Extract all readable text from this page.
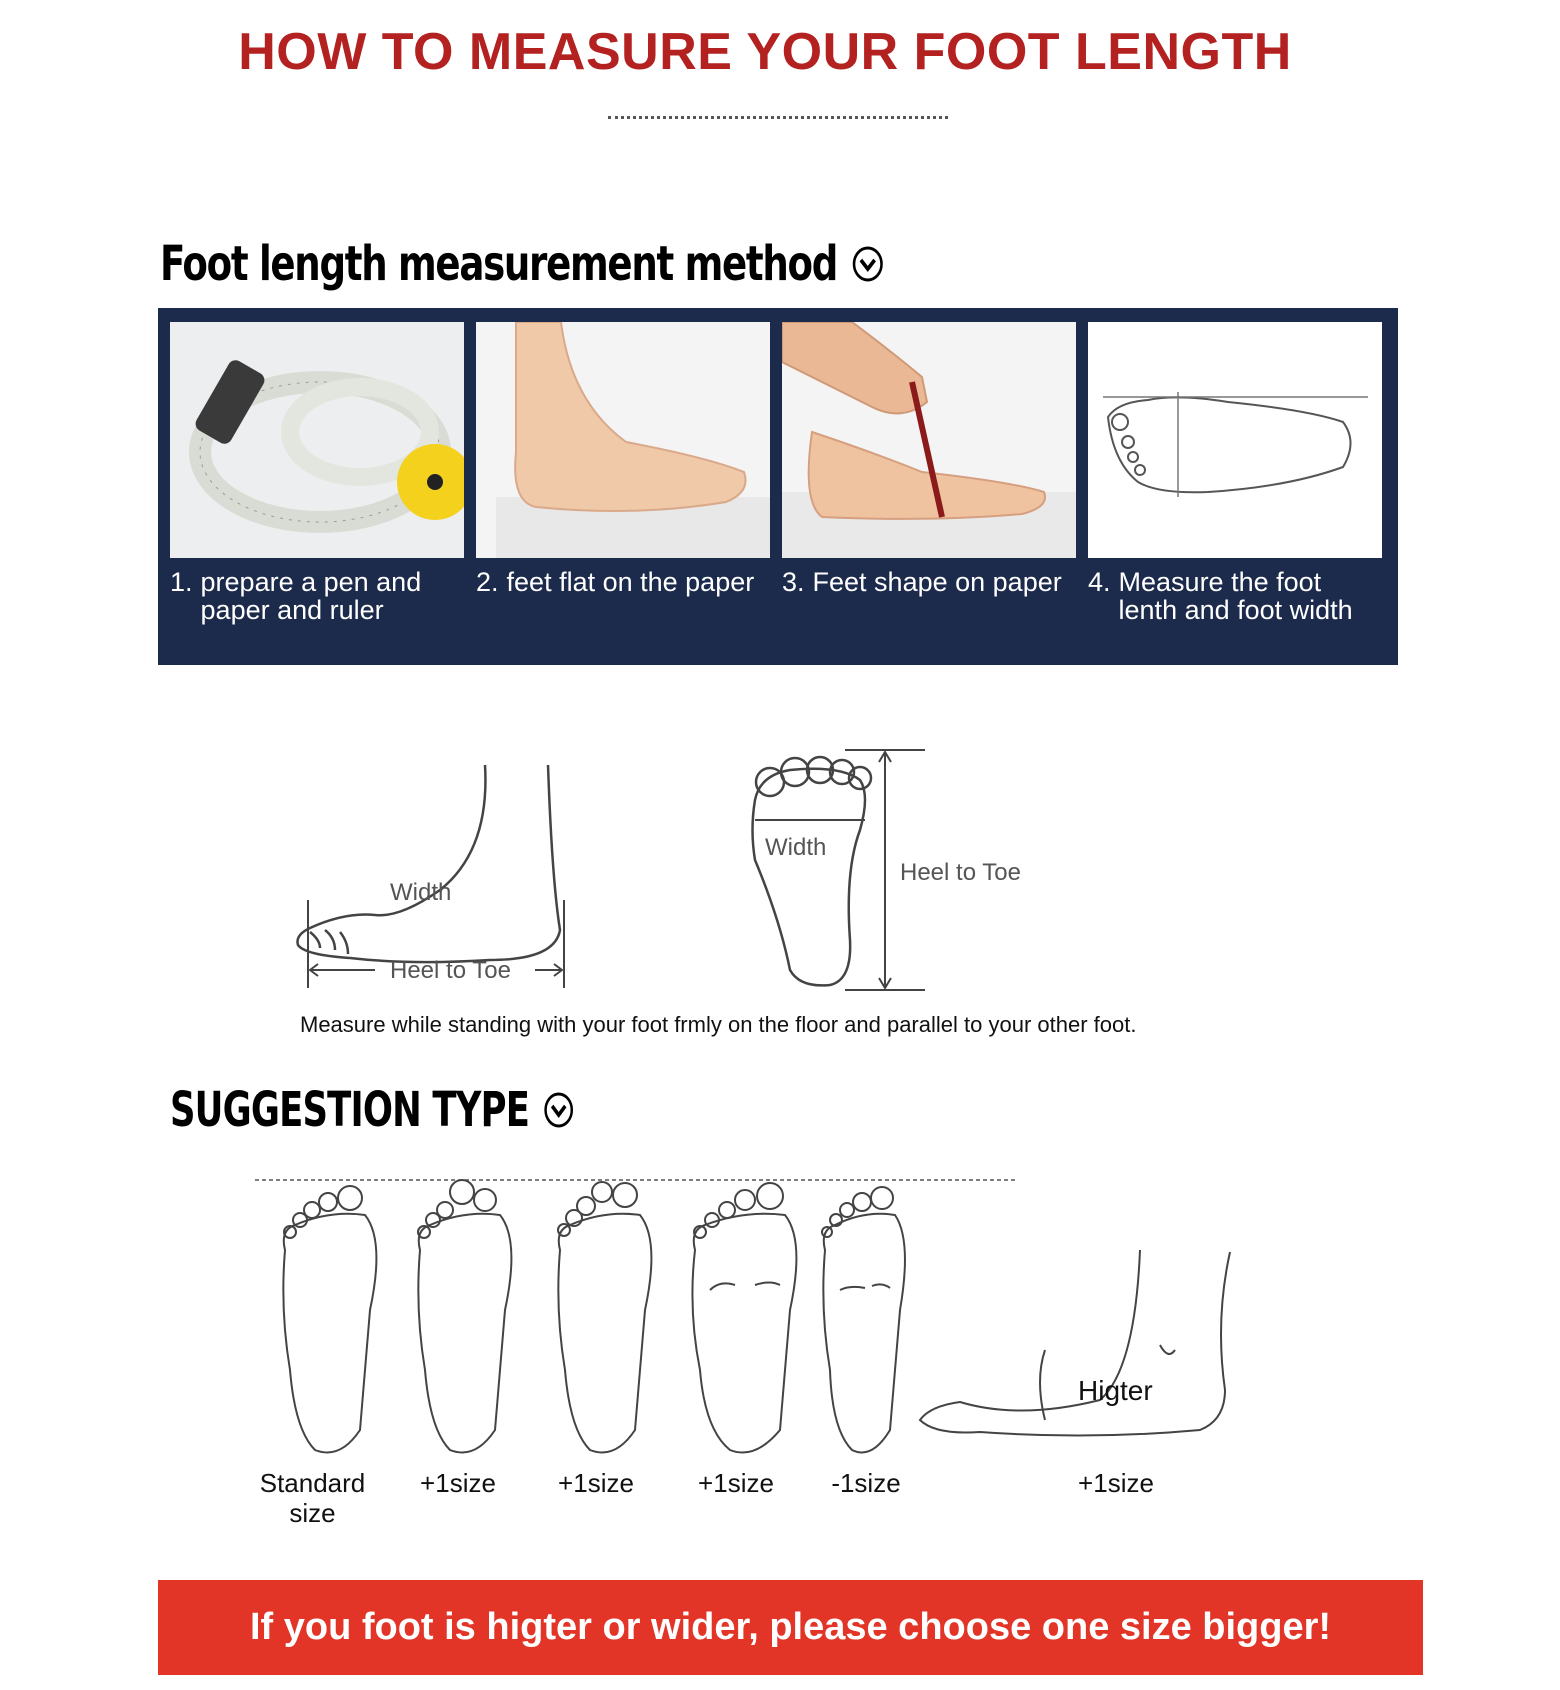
HOW TO MEASURE YOUR FOOT LENGTH
Foot length measurement method
1. prepare a pen and paper and ruler
2. feet flat on the paper 3. Feet shape on paper 4. Measure the foot lenth and foot width
Width
Heel to Toe
Width
Heel to Toe
Measure while standing with your foot frmly on the floor and parallel to your other foot.
SUGGESTION TYPE
Higter
Standard size
+1size	+1size	+1size	-1size	+1size
If you foot is higter or wider, please choose one size bigger!
